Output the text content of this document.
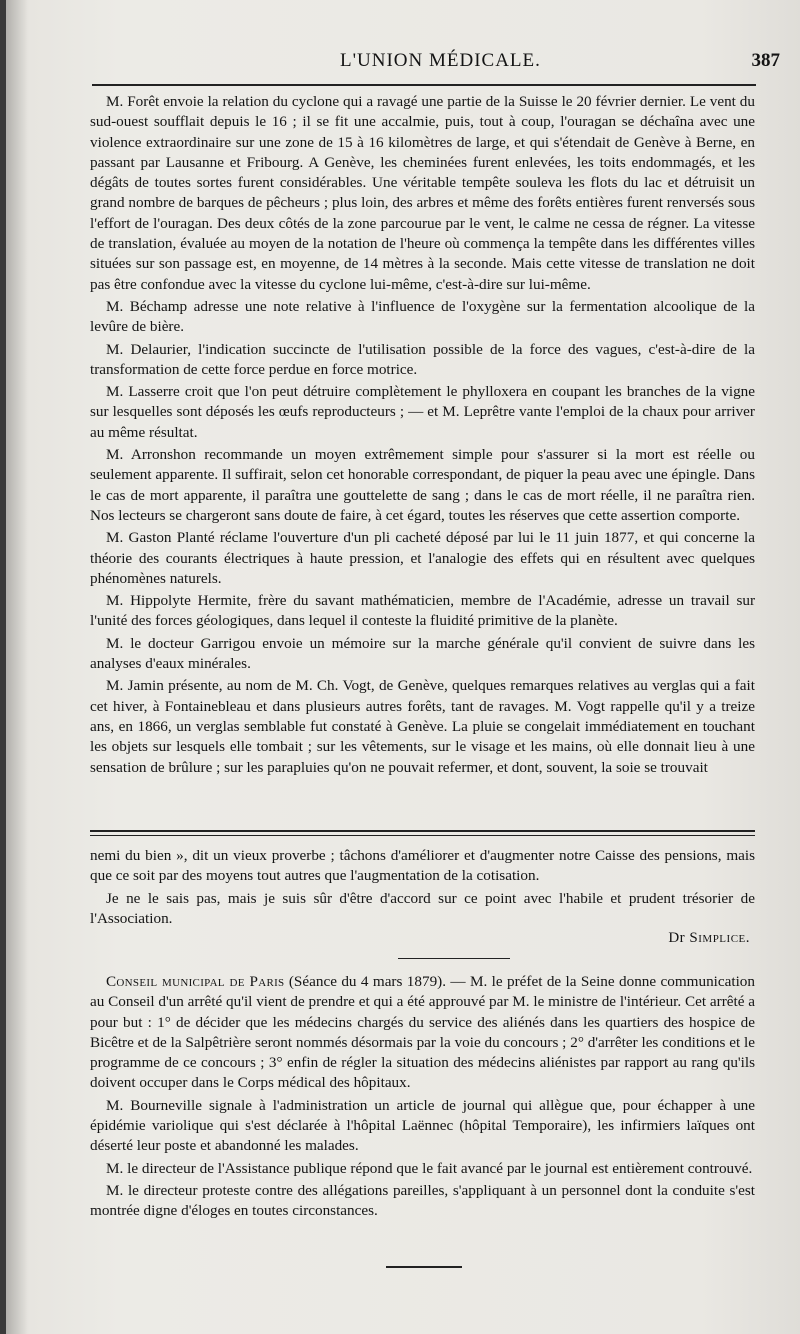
L'UNION MÉDICALE.	387

M. Forêt envoie la relation du cyclone qui a ravagé une partie de la Suisse le 20 février dernier. Le vent du sud-ouest soufflait depuis le 16 ; il se fit une accalmie, puis, tout à coup, l'ouragan se déchaîna avec une violence extraordinaire sur une zone de 15 à 16 kilomètres de large, et qui s'étendait de Genève à Berne, en passant par Lausanne et Fribourg. A Genève, les cheminées furent enlevées, les toits endommagés, et les dégâts de toutes sortes furent considérables. Une véritable tempête souleva les flots du lac et détruisit un grand nombre de barques de pêcheurs ; plus loin, des arbres et même des forêts entières furent renversés sous l'effort de l'ouragan. Des deux côtés de la zone parcourue par le vent, le calme ne cessa de régner. La vitesse de translation, évaluée au moyen de la notation de l'heure où commença la tempête dans les différentes villes situées sur son passage est, en moyenne, de 14 mètres à la seconde. Mais cette vitesse de translation ne doit pas être confondue avec la vitesse du cyclone lui-même, c'est-à-dire sur lui-même.

M. Béchamp adresse une note relative à l'influence de l'oxygène sur la fermentation alcoolique de la levûre de bière.

M. Delaurier, l'indication succincte de l'utilisation possible de la force des vagues, c'est-à-dire de la transformation de cette force perdue en force motrice.

M. Lasserre croit que l'on peut détruire complètement le phylloxera en coupant les branches de la vigne sur lesquelles sont déposés les œufs reproducteurs ; — et M. Leprêtre vante l'emploi de la chaux pour arriver au même résultat.

M. Arronshon recommande un moyen extrêmement simple pour s'assurer si la mort est réelle ou seulement apparente. Il suffirait, selon cet honorable correspondant, de piquer la peau avec une épingle. Dans le cas de mort apparente, il paraîtra une gouttelette de sang ; dans le cas de mort réelle, il ne paraîtra rien. Nos lecteurs se chargeront sans doute de faire, à cet égard, toutes les réserves que cette assertion comporte.

M. Gaston Planté réclame l'ouverture d'un pli cacheté déposé par lui le 11 juin 1877, et qui concerne la théorie des courants électriques à haute pression, et l'analogie des effets qui en résultent avec quelques phénomènes naturels.

M. Hippolyte Hermite, frère du savant mathématicien, membre de l'Académie, adresse un travail sur l'unité des forces géologiques, dans lequel il conteste la fluidité primitive de la planète.

M. le docteur Garrigou envoie un mémoire sur la marche générale qu'il convient de suivre dans les analyses d'eaux minérales.

M. Jamin présente, au nom de M. Ch. Vogt, de Genève, quelques remarques relatives au verglas qui a fait cet hiver, à Fontainebleau et dans plusieurs autres forêts, tant de ravages. M. Vogt rappelle qu'il y a treize ans, en 1866, un verglas semblable fut constaté à Genève. La pluie se congelait immédiatement en touchant les objets sur lesquels elle tombait ; sur les vêtements, sur le visage et les mains, où elle donnait lieu à une sensation de brûlure ; sur les parapluies qu'on ne pouvait refermer, et dont, souvent, la soie se trouvait

nemi du bien », dit un vieux proverbe ; tâchons d'améliorer et d'augmenter notre Caisse des pensions, mais que ce soit par des moyens tout autres que l'augmentation de la cotisation.

Je ne le sais pas, mais je suis sûr d'être d'accord sur ce point avec l'habile et prudent trésorier de l'Association.

Dr Simplice.

Conseil municipal de Paris (Séance du 4 mars 1879). — M. le préfet de la Seine donne communication au Conseil d'un arrêté qu'il vient de prendre et qui a été approuvé par M. le ministre de l'intérieur. Cet arrêté a pour but : 1° de décider que les médecins chargés du service des aliénés dans les quartiers des hospice de Bicêtre et de la Salpêtrière seront nommés désormais par la voie du concours ; 2° d'arrêter les conditions et le programme de ce concours ; 3° enfin de régler la situation des médecins aliénistes par rapport au rang qu'ils doivent occuper dans le Corps médical des hôpitaux.

M. Bourneville signale à l'administration un article de journal qui allègue que, pour échapper à une épidémie variolique qui s'est déclarée à l'hôpital Laënnec (hôpital Temporaire), les infirmiers laïques ont déserté leur poste et abandonné les malades.

M. le directeur de l'Assistance publique répond que le fait avancé par le journal est entièrement controuvé.

M. le directeur proteste contre des allégations pareilles, s'appliquant à un personnel dont la conduite s'est montrée digne d'éloges en toutes circonstances.
